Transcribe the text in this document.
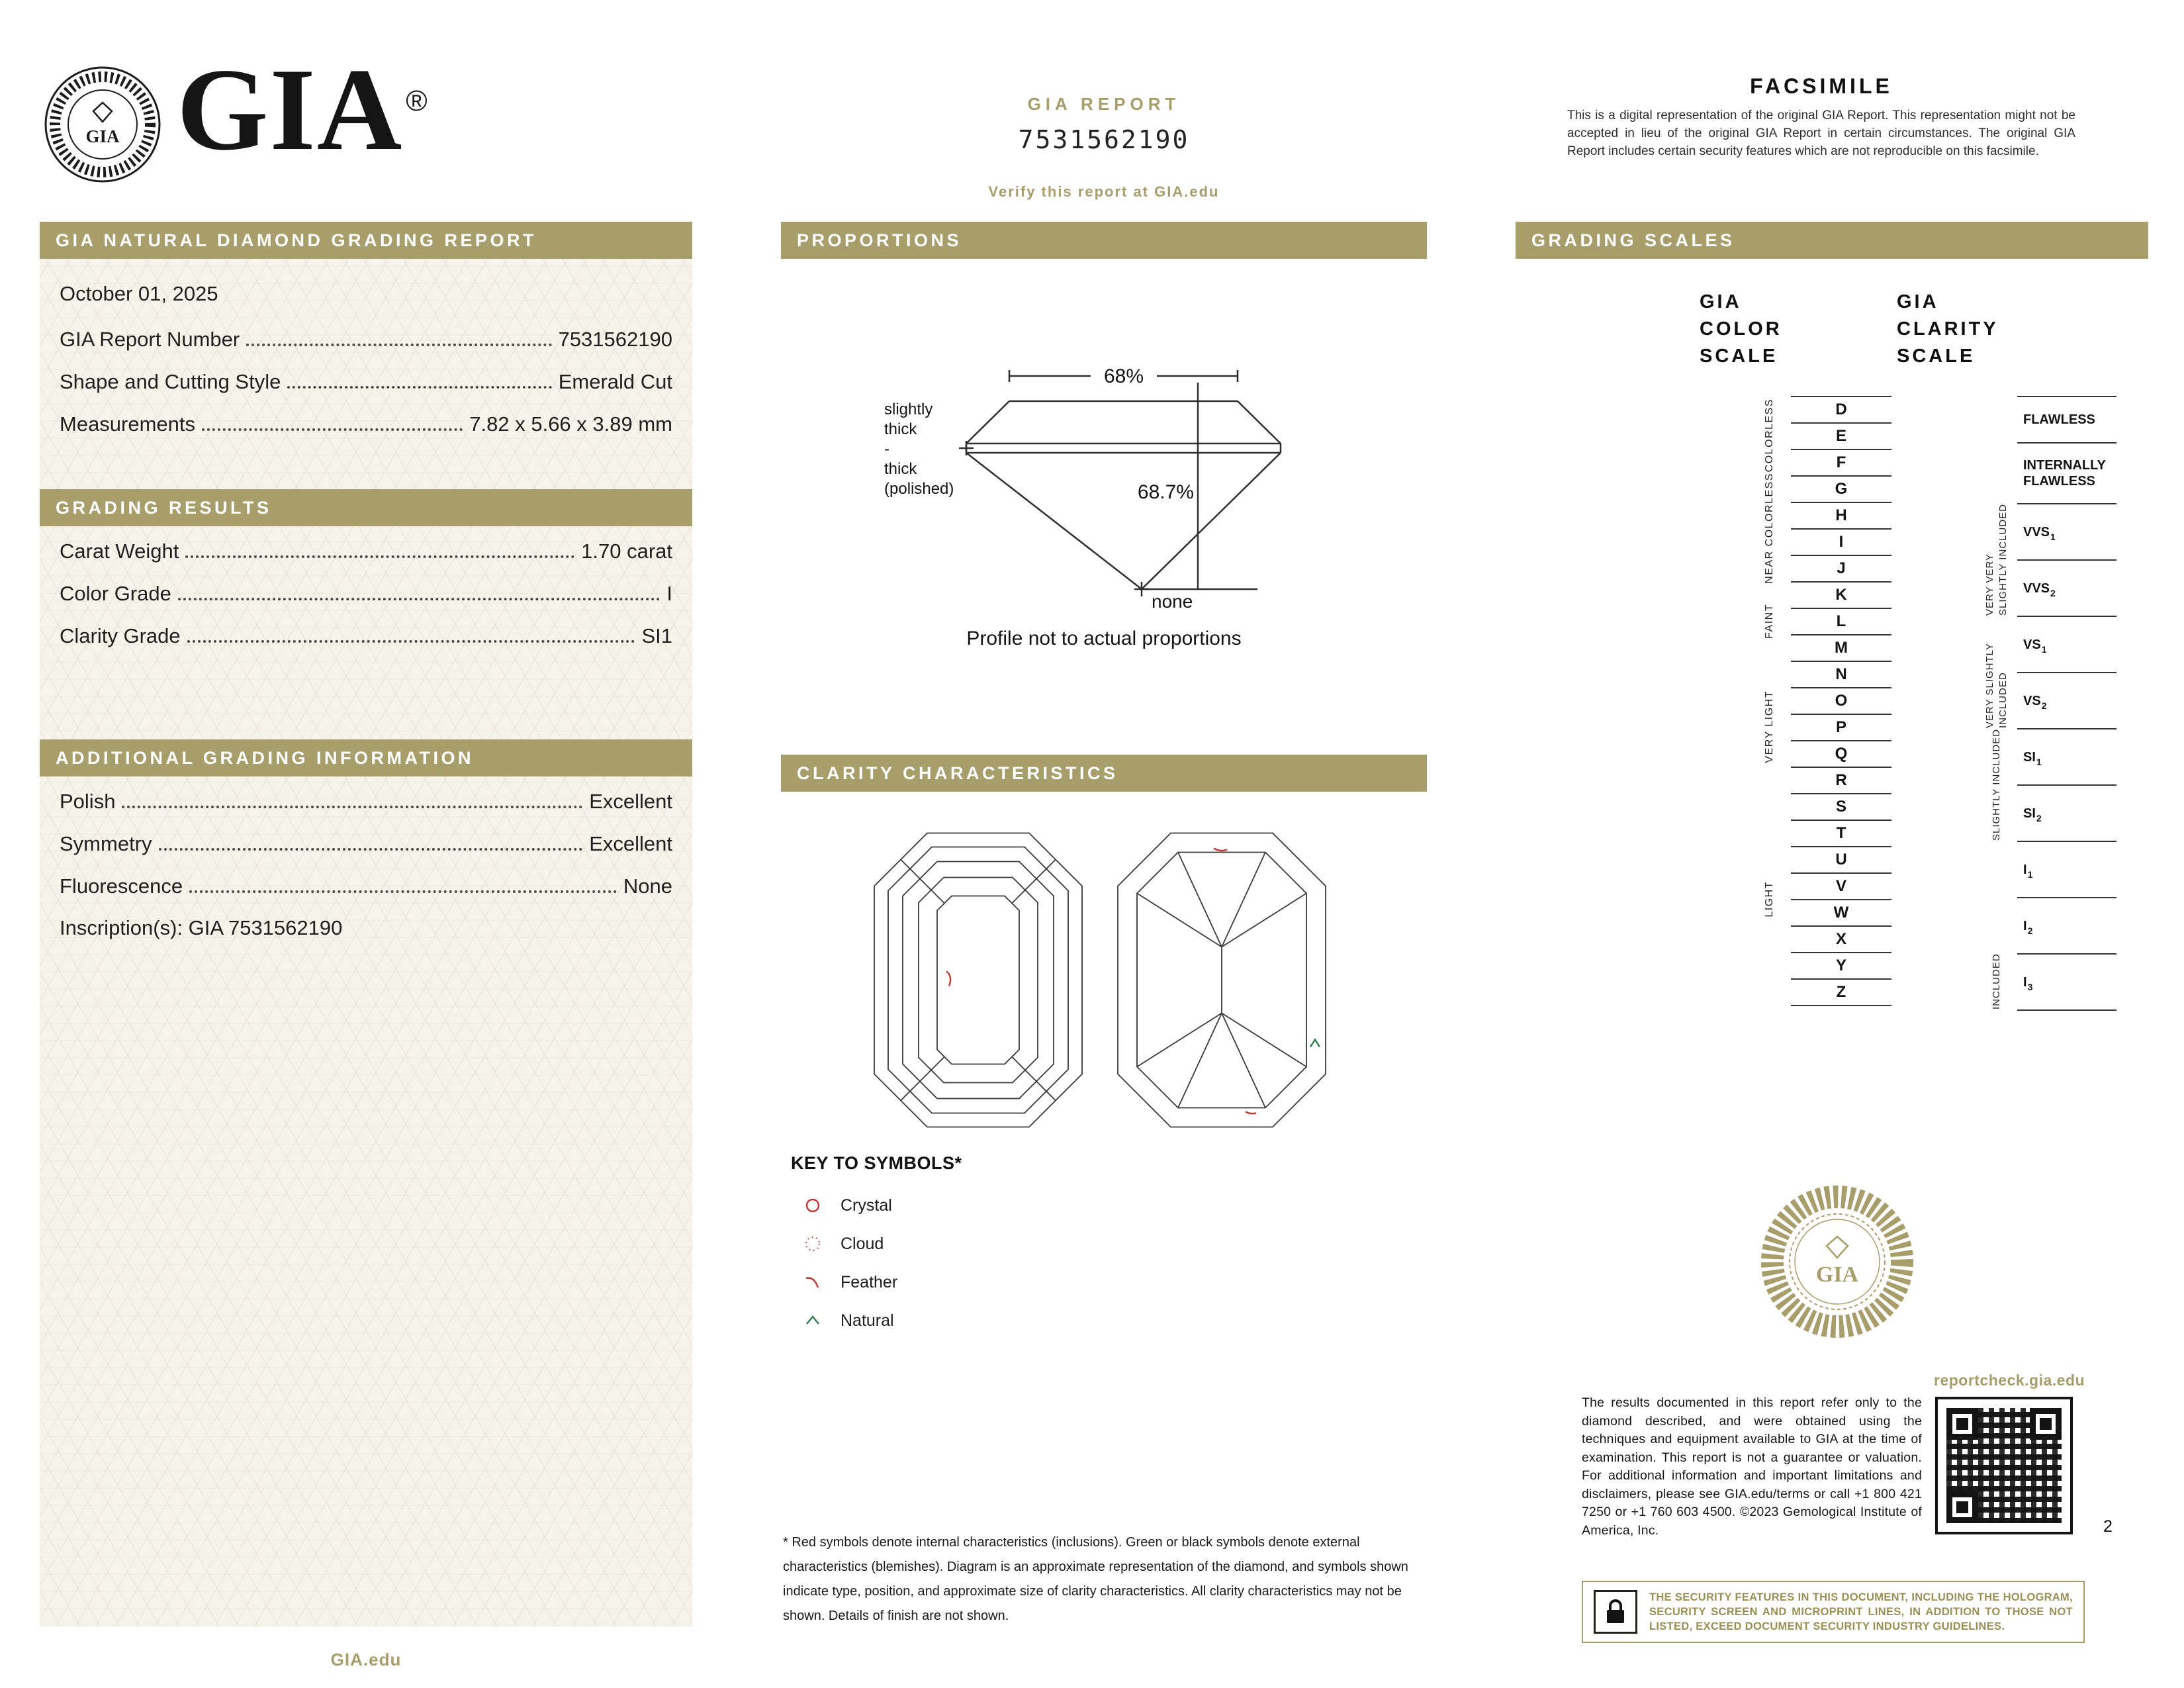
GIA GIA®	GIA REPORT
7531562190
Verify this report at GIA.edu
FACSIMILE
This is a digital representation of the original GIA Report. This representation might not be accepted in lieu of the original GIA Report in certain circumstances. The original GIA Report includes certain security features which are not reproducible on this facsimile.
GIA NATURAL DIAMOND GRADING REPORT
October 01, 2025
GIA Report Number	7531562190
Shape and Cutting Style	Emerald Cut
Measurements	7.82 x 5.66 x 3.89 mm
GRADING RESULTS
Carat Weight	1.70 carat
Color Grade	I
Clarity Grade	SI1
ADDITIONAL GRADING INFORMATION
Polish	Excellent
Symmetry	Excellent
Fluorescence	None
Inscription(s): GIA 7531562190
GIA.edu
PROPORTIONS
68%
68.7%
none
slightly
thick
-
thick
(polished)
Profile not to actual proportions
CLARITY CHARACTERISTICS
KEY TO SYMBOLS*
Crystal
Cloud
Feather
Natural
* Red symbols denote internal characteristics (inclusions). Green or black symbols denote external characteristics (blemishes). Diagram is an approximate representation of the diamond, and symbols shown indicate type, position, and approximate size of clarity characteristics. All clarity characteristics may not be shown. Details of finish are not shown.
GRADING SCALES
GIA
COLOR
SCALE
GIA
CLARITY
SCALE
COLORLESS
NEAR COLORLESS
FAINT
VERY LIGHT
LIGHT
D
E
F
G
H
I
J
K
L
M
N
O
P
Q
R
S
T
U
V
W
X
Y
Z
VERY VERY SLIGHTLY INCLUDED
VERY SLIGHTLY INCLUDED
SLIGHTLY INCLUDED
INCLUDED
FLAWLESS
INTERNALLY FLAWLESS
$VVS_1$
$VVS_2$
$VS_1$
$VS_2$
$SI_1$
$SI_2$
$I_1$
$I_2$
$I_3$
GIA
reportcheck.gia.edu
The results documented in this report refer only to the diamond described, and were obtained using the techniques and equipment available to GIA at the time of examination. This report is not a guarantee or valuation. For additional information and important limitations and disclaimers, please see GIA.edu/terms or call +1 800 421 7250 or +1 760 603 4500. ©2023 Gemological Institute of America, Inc.	2
THE SECURITY FEATURES IN THIS DOCUMENT, INCLUDING THE HOLOGRAM, SECURITY SCREEN AND MICROPRINT LINES, IN ADDITION TO THOSE NOT LISTED, EXCEED DOCUMENT SECURITY INDUSTRY GUIDELINES.
